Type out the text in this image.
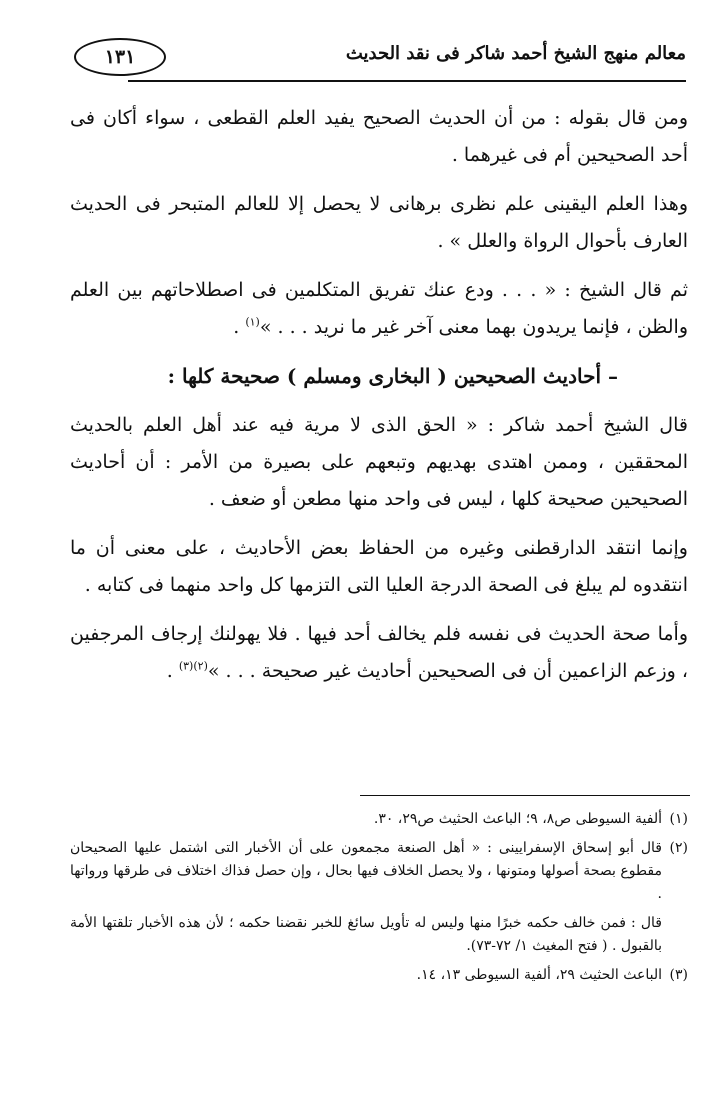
١٣١	معالم منهج الشيخ أحمد شاكر فى نقد الحديث
ومن قال بقوله : من أن الحديث الصحيح يفيد العلم القطعى ، سواء أكان فى أحد الصحيحين أم فى غيرهما .
وهذا العلم اليقينى علم نظرى برهانى لا يحصل إلا للعالم المتبحر فى الحديث العارف بأحوال الرواة والعلل » .
ثم قال الشيخ : « . . . ودع عنك تفريق المتكلمين فى اصطلاحاتهم بين العلم والظن ، فإنما يريدون بهما معنى آخر غير ما نريد . . . »$^{(١)}$ .
– أحاديث الصحيحين ( البخارى ومسلم ) صحيحة كلها :
قال الشيخ أحمد شاكر : « الحق الذى لا مرية فيه عند أهل العلم بالحديث المحققين ، وممن اهتدى بهديهم وتبعهم على بصيرة من الأمر : أن أحاديث الصحيحين صحيحة كلها ، ليس فى واحد منها مطعن أو ضعف .
وإنما انتقد الدارقطنى وغيره من الحفاظ بعض الأحاديث ، على معنى أن ما انتقدوه لم يبلغ فى الصحة الدرجة العليا التى التزمها كل واحد منهما فى كتابه .
وأما صحة الحديث فى نفسه فلم يخالف أحد فيها . فلا يهولنك إرجاف المرجفين ، وزعم الزاعمين أن فى الصحيحين أحاديث غير صحيحة . . . »$^{(٢)(٣)}$ .
(١)
ألفية السيوطى ص٨، ٩؛ الباعث الحثيث ص٢٩، ٣٠.
(٢)
قال أبو إسحاق الإسفرايينى : « أهل الصنعة مجمعون على أن الأخبار التى اشتمل عليها الصحيحان مقطوع بصحة أصولها ومتونها ، ولا يحصل الخلاف فيها بحال ، وإن حصل فذاك اختلاف فى طرقها ورواتها .
قال : فمن خالف حكمه خبرًا منها وليس له تأويل سائغ للخبر نقضنا حكمه ؛ لأن هذه الأخبار تلقتها الأمة بالقبول . ( فتح المغيث ١/ ٧٢-٧٣).
(٣)
الباعث الحثيث ٢٩، ألفية السيوطى ١٣، ١٤.
